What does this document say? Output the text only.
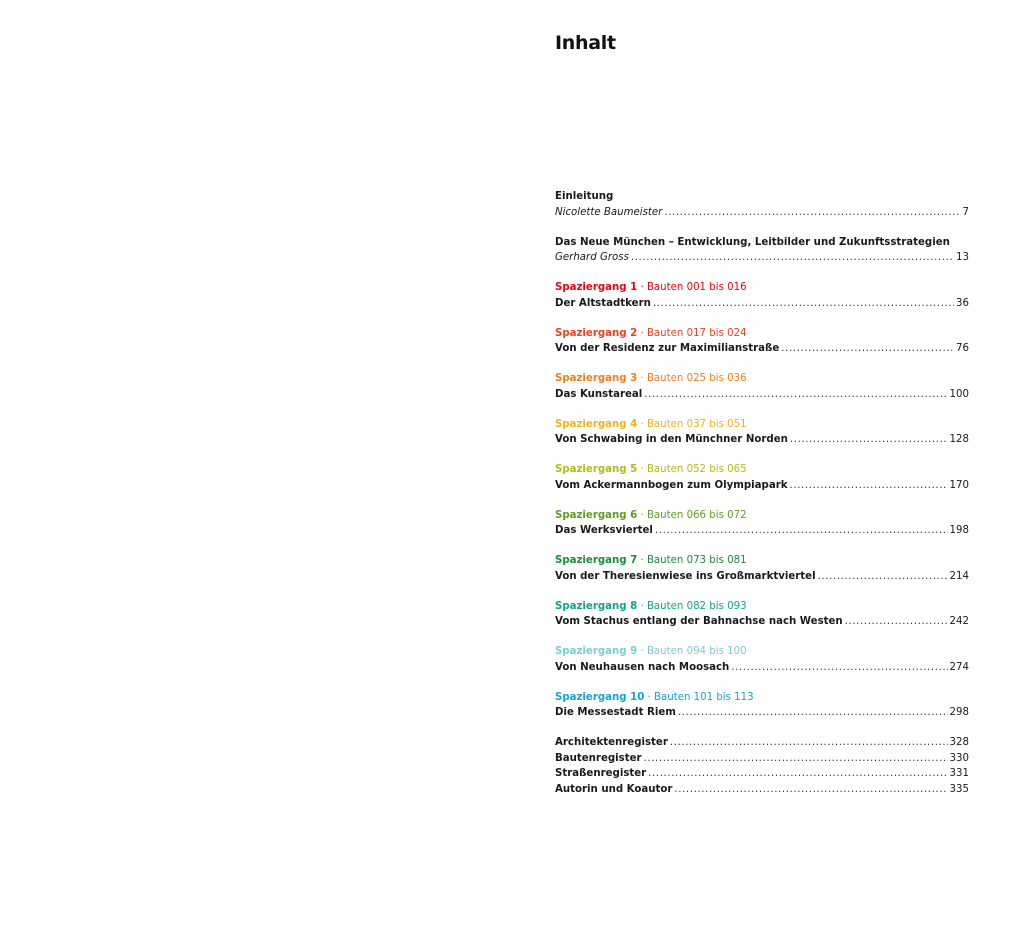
Inhalt
Einleitung
Nicolette Baumeister .....	7
Das Neue München – Entwicklung, Leitbilder und Zukunftsstrategien
Gerhard Gross .....	13
Spaziergang 1 · Bauten 001 bis 016
Der Altstadtkern .....	36
Spaziergang 2 · Bauten 017 bis 024
Von der Residenz zur Maximilianstraße .....	76
Spaziergang 3 · Bauten 025 bis 036
Das Kunstareal .....	100
Spaziergang 4 · Bauten 037 bis 051
Von Schwabing in den Münchner Norden .....	128
Spaziergang 5 · Bauten 052 bis 065
Vom Ackermannbogen zum Olympiapark .....	170
Spaziergang 6 · Bauten 066 bis 072
Das Werksviertel .....	198
Spaziergang 7 · Bauten 073 bis 081
Von der Theresienwiese ins Großmarktviertel .....	214
Spaziergang 8 · Bauten 082 bis 093
Vom Stachus entlang der Bahnachse nach Westen .....	242
Spaziergang 9 · Bauten 094 bis 100
Von Neuhausen nach Moosach .....	274
Spaziergang 10 · Bauten 101 bis 113
Die Messestadt Riem .....	298
Architektenregister .....	328
Bautenregister .....	330
Straßenregister .....	331
Autorin und Koautor .....	335
